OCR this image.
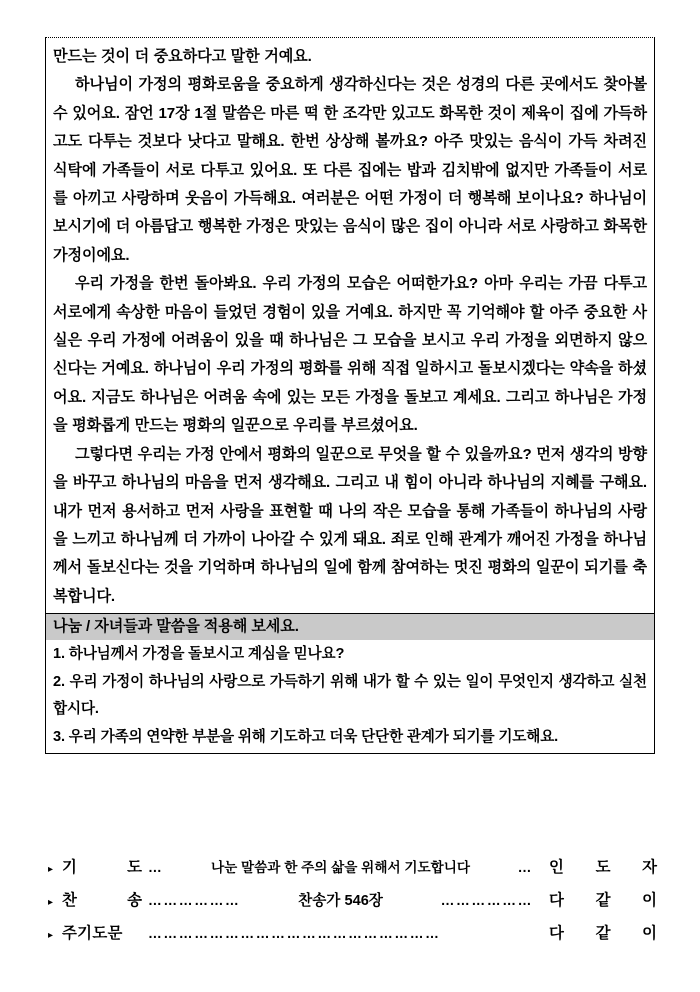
만드는 것이 더 중요하다고 말한 거예요.

하나님이 가정의 평화로움을 중요하게 생각하신다는 것은 성경의 다른 곳에서도 찾아볼 수 있어요. 잠언 17장 1절 말씀은 마른 떡 한 조각만 있고도 화목한 것이 제육이 집에 가득하고도 다투는 것보다 낫다고 말해요. 한번 상상해 볼까요? 아주 맛있는 음식이 가득 차려진 식탁에 가족들이 서로 다투고 있어요. 또 다른 집에는 밥과 김치밖에 없지만 가족들이 서로를 아끼고 사랑하며 웃음이 가득해요. 여러분은 어떤 가정이 더 행복해 보이나요? 하나님이 보시기에 더 아름답고 행복한 가정은 맛있는 음식이 많은 집이 아니라 서로 사랑하고 화목한 가정이에요.

우리 가정을 한번 돌아봐요. 우리 가정의 모습은 어떠한가요? 아마 우리는 가끔 다투고 서로에게 속상한 마음이 들었던 경험이 있을 거예요. 하지만 꼭 기억해야 할 아주 중요한 사실은 우리 가정에 어려움이 있을 때 하나님은 그 모습을 보시고 우리 가정을 외면하지 않으신다는 거예요. 하나님이 우리 가정의 평화를 위해 직접 일하시고 돌보시겠다는 약속을 하셨어요. 지금도 하나님은 어려움 속에 있는 모든 가정을 돌보고 계세요. 그리고 하나님은 가정을 평화롭게 만드는 평화의 일꾼으로 우리를 부르셨어요.

그렇다면 우리는 가정 안에서 평화의 일꾼으로 무엇을 할 수 있을까요? 먼저 생각의 방향을 바꾸고 하나님의 마음을 먼저 생각해요. 그리고 내 힘이 아니라 하나님의 지혜를 구해요. 내가 먼저 용서하고 먼저 사랑을 표현할 때 나의 작은 모습을 통해 가족들이 하나님의 사랑을 느끼고 하나님께 더 가까이 나아갈 수 있게 돼요. 죄로 인해 관계가 깨어진 가정을 하나님께서 돌보신다는 것을 기억하며 하나님의 일에 함께 참여하는 멋진 평화의 일꾼이 되기를 축복합니다.

나눔 / 자녀들과 말씀을 적용해 보세요.
1. 하나님께서 가정을 돌보시고 계심을 믿나요?
2. 우리 가정이 하나님의 사랑으로 가득하기 위해 내가 할 수 있는 일이 무엇인지 생각하고 실천합시다.
3. 우리 가족의 연약한 부분을 위해 기도하고 더욱 단단한 관계가 되기를 기도해요.
▸ 기	도 …	나눈 말씀과 한 주의 삶을 위해서 기도합니다	… 인 도 자
▸ 찬	송 ………………	찬송가 546장	……………… 다 같 이
▸ 주기도문 …………………………………………………	다 같 이
